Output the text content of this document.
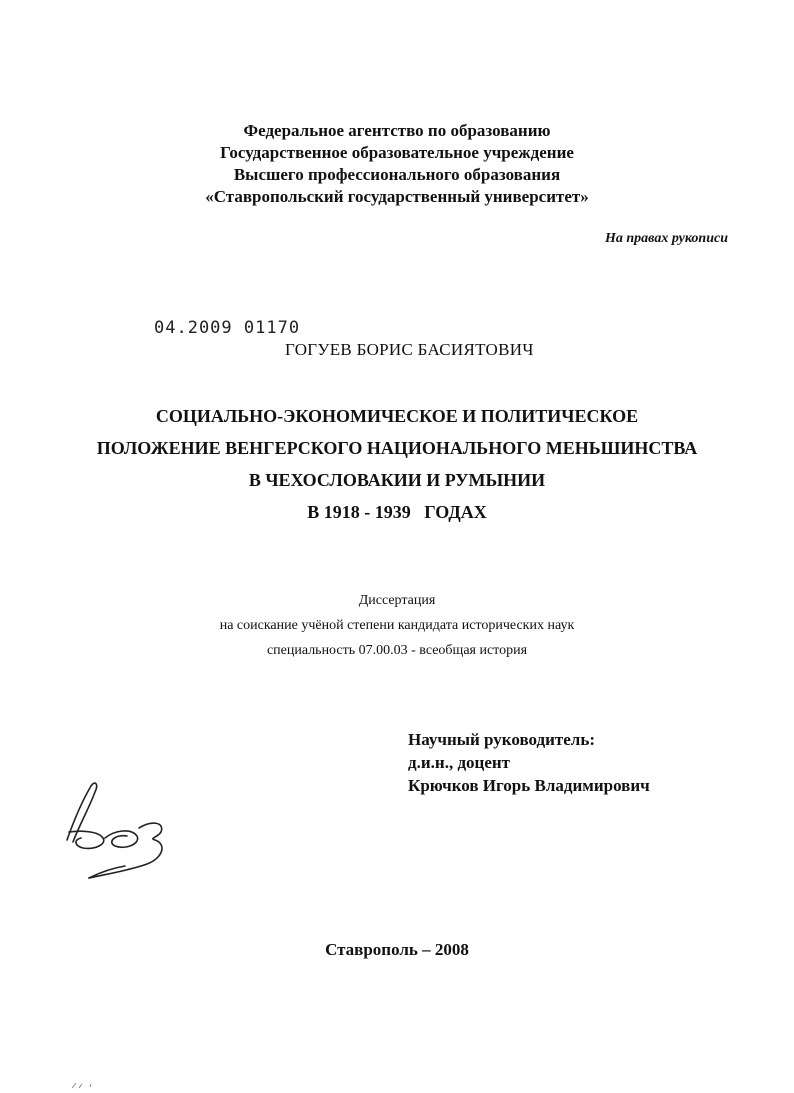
Федеральное агентство по образованию
Государственное образовательное учреждение
Высшего профессионального образования
«Ставропольский государственный университет»
На правах рукописи
04.2009 01170
ГОГУЕВ БОРИС БАСИЯТОВИЧ
СОЦИАЛЬНО-ЭКОНОМИЧЕСКОЕ И ПОЛИТИЧЕСКОЕ
ПОЛОЖЕНИЕ ВЕНГЕРСКОГО НАЦИОНАЛЬНОГО МЕНЬШИНСТВА
В ЧЕХОСЛОВАКИИ И РУМЫНИИ
В 1918 - 1939   ГОДАХ
Диссертация
на соискание учёной степени кандидата исторических наук
специальность 07.00.03 - всеобщая история
Научный руководитель:
д.и.н., доцент
Крючков Игорь Владимирович
Ставрополь – 2008
